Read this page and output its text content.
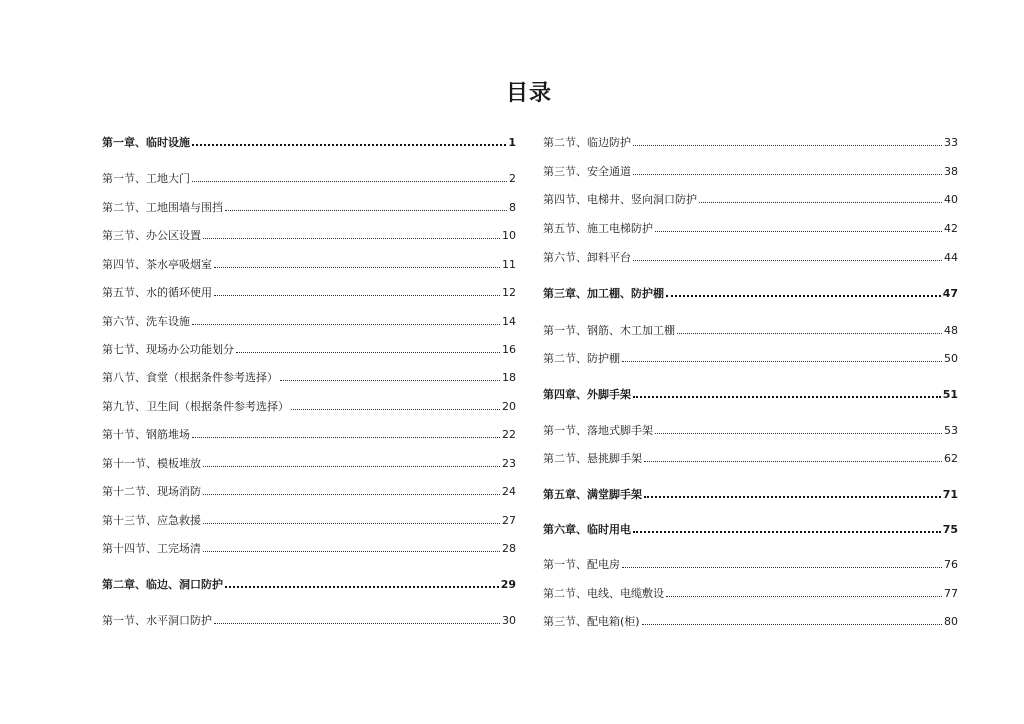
目录
第一章、临时设施	1
第一节、工地大门	2
第二节、工地围墙与围挡	8
第三节、办公区设置	10
第四节、茶水亭吸烟室	11
第五节、水的循环使用	12
第六节、洗车设施	14
第七节、现场办公功能划分	16
第八节、食堂（根据条件参考选择）	18
第九节、卫生间（根据条件参考选择）	20
第十节、钢筋堆场	22
第十一节、模板堆放	23
第十二节、现场消防	24
第十三节、应急救援	27
第十四节、工完场清	28
第二章、临边、洞口防护	29
第一节、水平洞口防护	30
第二节、临边防护	33
第三节、安全通道	38
第四节、电梯井、竖向洞口防护	40
第五节、施工电梯防护	42
第六节、卸料平台	44
第三章、加工棚、防护棚	47
第一节、钢筋、木工加工棚	48
第二节、防护棚	50
第四章、外脚手架	51
第一节、落地式脚手架	53
第二节、悬挑脚手架	62
第五章、满堂脚手架	71
第六章、临时用电	75
第一节、配电房	76
第二节、电线、电缆敷设	77
第三节、配电箱(柜)	80
